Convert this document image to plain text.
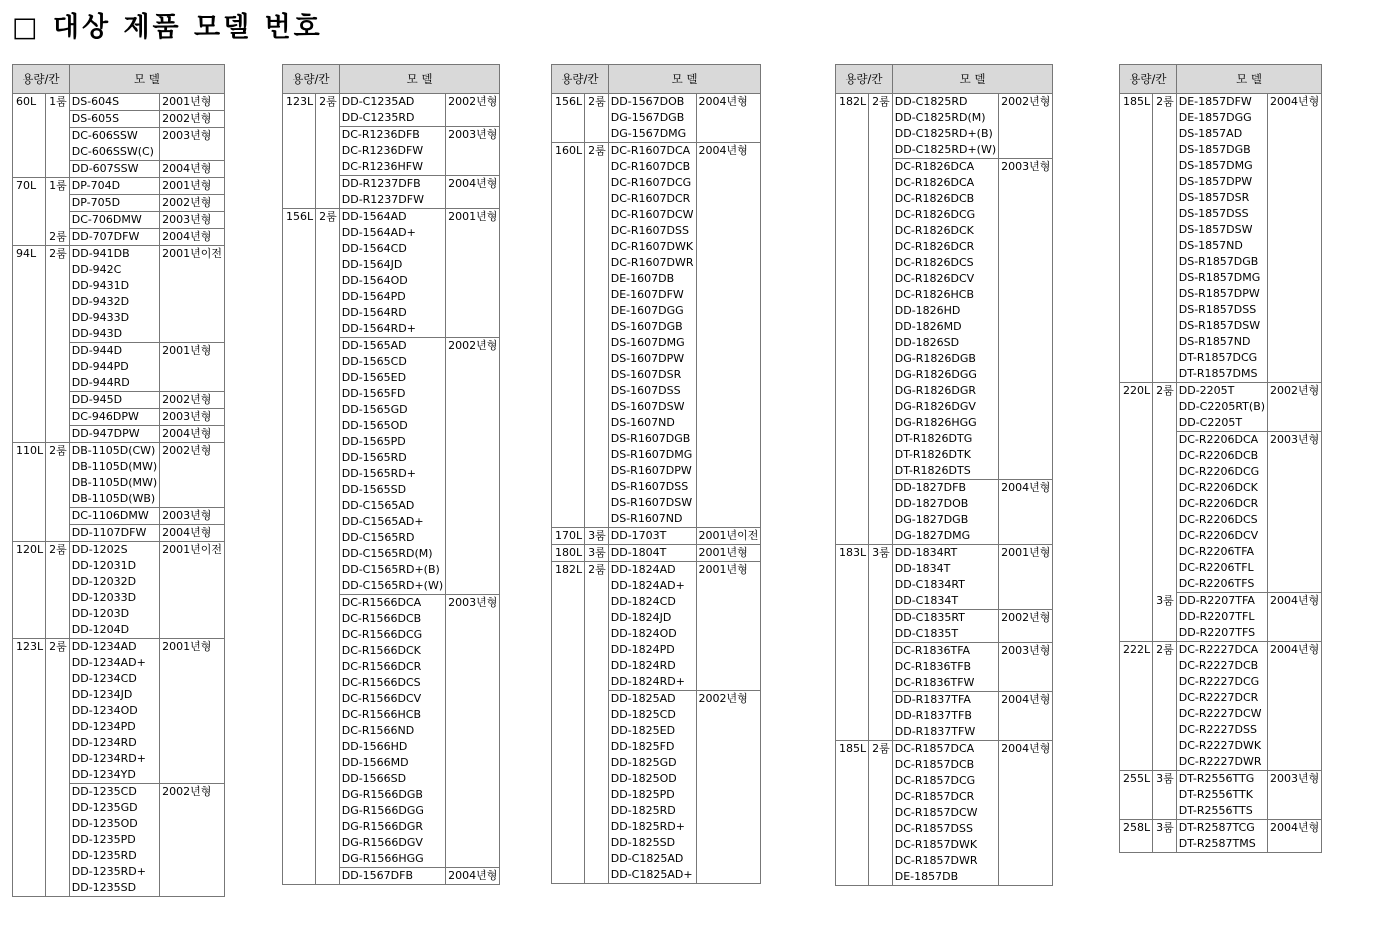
□ 대상 제품 모델 번호
용량/칸		모 델	
60L	1룸	DS-604S	2001년형
		DS-605S	2002년형
		DC-606SSW	2003년형
		DC-606SSW(C)	
		DD-607SSW	2004년형
70L	1룸	DP-704D	2001년형
		DP-705D	2002년형
		DC-706DMW	2003년형
	2룸	DD-707DFW	2004년형
94L	2룸	DD-941DB	2001년이전
		DD-942C	
		DD-9431D	
		DD-9432D	
		DD-9433D	
		DD-943D	
		DD-944D	2001년형
		DD-944PD	
		DD-944RD	
		DD-945D	2002년형
		DC-946DPW	2003년형
		DD-947DPW	2004년형
110L	2룸	DB-1105D(CW)	2002년형
		DB-1105D(MW)	
		DB-1105D(MW)	
		DB-1105D(WB)	
		DC-1106DMW	2003년형
		DD-1107DFW	2004년형
120L	2룸	DD-1202S	2001년이전
		DD-12031D	
		DD-12032D	
		DD-12033D	
		DD-1203D	
		DD-1204D	
123L	2룸	DD-1234AD	2001년형
		DD-1234AD+	
		DD-1234CD	
		DD-1234JD	
		DD-1234OD	
		DD-1234PD	
		DD-1234RD	
		DD-1234RD+	
		DD-1234YD	
		DD-1235CD	2002년형
		DD-1235GD	
		DD-1235OD	
		DD-1235PD	
		DD-1235RD	
		DD-1235RD+	
		DD-1235SD	
용량/칸		모 델	
123L	2룸	DD-C1235AD	2002년형
		DD-C1235RD	
		DC-R1236DFB	2003년형
		DC-R1236DFW	
		DC-R1236HFW	
		DD-R1237DFB	2004년형
		DD-R1237DFW	
156L	2룸	DD-1564AD	2001년형
		DD-1564AD+	
		DD-1564CD	
		DD-1564JD	
		DD-1564OD	
		DD-1564PD	
		DD-1564RD	
		DD-1564RD+	
		DD-1565AD	2002년형
		DD-1565CD	
		DD-1565ED	
		DD-1565FD	
		DD-1565GD	
		DD-1565OD	
		DD-1565PD	
		DD-1565RD	
		DD-1565RD+	
		DD-1565SD	
		DD-C1565AD	
		DD-C1565AD+	
		DD-C1565RD	
		DD-C1565RD(M)	
		DD-C1565RD+(B)	
		DD-C1565RD+(W)	
		DC-R1566DCA	2003년형
		DC-R1566DCB	
		DC-R1566DCG	
		DC-R1566DCK	
		DC-R1566DCR	
		DC-R1566DCS	
		DC-R1566DCV	
		DC-R1566HCB	
		DC-R1566ND	
		DD-1566HD	
		DD-1566MD	
		DD-1566SD	
		DG-R1566DGB	
		DG-R1566DGG	
		DG-R1566DGR	
		DG-R1566DGV	
		DG-R1566HGG	
		DD-1567DFB	2004년형
용량/칸		모 델	
156L	2룸	DD-1567DOB	2004년형
		DG-1567DGB	
		DG-1567DMG	
160L	2룸	DC-R1607DCA	2004년형
		DC-R1607DCB	
		DC-R1607DCG	
		DC-R1607DCR	
		DC-R1607DCW	
		DC-R1607DSS	
		DC-R1607DWK	
		DC-R1607DWR	
		DE-1607DB	
		DE-1607DFW	
		DE-1607DGG	
		DS-1607DGB	
		DS-1607DMG	
		DS-1607DPW	
		DS-1607DSR	
		DS-1607DSS	
		DS-1607DSW	
		DS-1607ND	
		DS-R1607DGB	
		DS-R1607DMG	
		DS-R1607DPW	
		DS-R1607DSS	
		DS-R1607DSW	
		DS-R1607ND	
170L	3룸	DD-1703T	2001년이전
180L	3룸	DD-1804T	2001년형
182L	2룸	DD-1824AD	2001년형
		DD-1824AD+	
		DD-1824CD	
		DD-1824JD	
		DD-1824OD	
		DD-1824PD	
		DD-1824RD	
		DD-1824RD+	
		DD-1825AD	2002년형
		DD-1825CD	
		DD-1825ED	
		DD-1825FD	
		DD-1825GD	
		DD-1825OD	
		DD-1825PD	
		DD-1825RD	
		DD-1825RD+	
		DD-1825SD	
		DD-C1825AD	
		DD-C1825AD+	
용량/칸		모 델	
182L	2룸	DD-C1825RD	2002년형
		DD-C1825RD(M)	
		DD-C1825RD+(B)	
		DD-C1825RD+(W)	
		DC-R1826DCA	2003년형
		DC-R1826DCA	
		DC-R1826DCB	
		DC-R1826DCG	
		DC-R1826DCK	
		DC-R1826DCR	
		DC-R1826DCS	
		DC-R1826DCV	
		DC-R1826HCB	
		DD-1826HD	
		DD-1826MD	
		DD-1826SD	
		DG-R1826DGB	
		DG-R1826DGG	
		DG-R1826DGR	
		DG-R1826DGV	
		DG-R1826HGG	
		DT-R1826DTG	
		DT-R1826DTK	
		DT-R1826DTS	
		DD-1827DFB	2004년형
		DD-1827DOB	
		DG-1827DGB	
		DG-1827DMG	
183L	3룸	DD-1834RT	2001년형
		DD-1834T	
		DD-C1834RT	
		DD-C1834T	
		DD-C1835RT	2002년형
		DD-C1835T	
		DC-R1836TFA	2003년형
		DC-R1836TFB	
		DC-R1836TFW	
		DD-R1837TFA	2004년형
		DD-R1837TFB	
		DD-R1837TFW	
185L	2룸	DC-R1857DCA	2004년형
		DC-R1857DCB	
		DC-R1857DCG	
		DC-R1857DCR	
		DC-R1857DCW	
		DC-R1857DSS	
		DC-R1857DWK	
		DC-R1857DWR	
		DE-1857DB	
용량/칸		모 델	
185L	2룸	DE-1857DFW	2004년형
		DE-1857DGG	
		DS-1857AD	
		DS-1857DGB	
		DS-1857DMG	
		DS-1857DPW	
		DS-1857DSR	
		DS-1857DSS	
		DS-1857DSW	
		DS-1857ND	
		DS-R1857DGB	
		DS-R1857DMG	
		DS-R1857DPW	
		DS-R1857DSS	
		DS-R1857DSW	
		DS-R1857ND	
		DT-R1857DCG	
		DT-R1857DMS	
220L	2룸	DD-2205T	2002년형
		DD-C2205RT(B)	
		DD-C2205T	
		DC-R2206DCA	2003년형
		DC-R2206DCB	
		DC-R2206DCG	
		DC-R2206DCK	
		DC-R2206DCR	
		DC-R2206DCS	
		DC-R2206DCV	
		DC-R2206TFA	
		DC-R2206TFL	
		DC-R2206TFS	
	3룸	DD-R2207TFA	2004년형
		DD-R2207TFL	
		DD-R2207TFS	
222L	2룸	DC-R2227DCA	2004년형
		DC-R2227DCB	
		DC-R2227DCG	
		DC-R2227DCR	
		DC-R2227DCW	
		DC-R2227DSS	
		DC-R2227DWK	
		DC-R2227DWR	
255L	3룸	DT-R2556TTG	2003년형
		DT-R2556TTK	
		DT-R2556TTS	
258L	3룸	DT-R2587TCG	2004년형
		DT-R2587TMS	
